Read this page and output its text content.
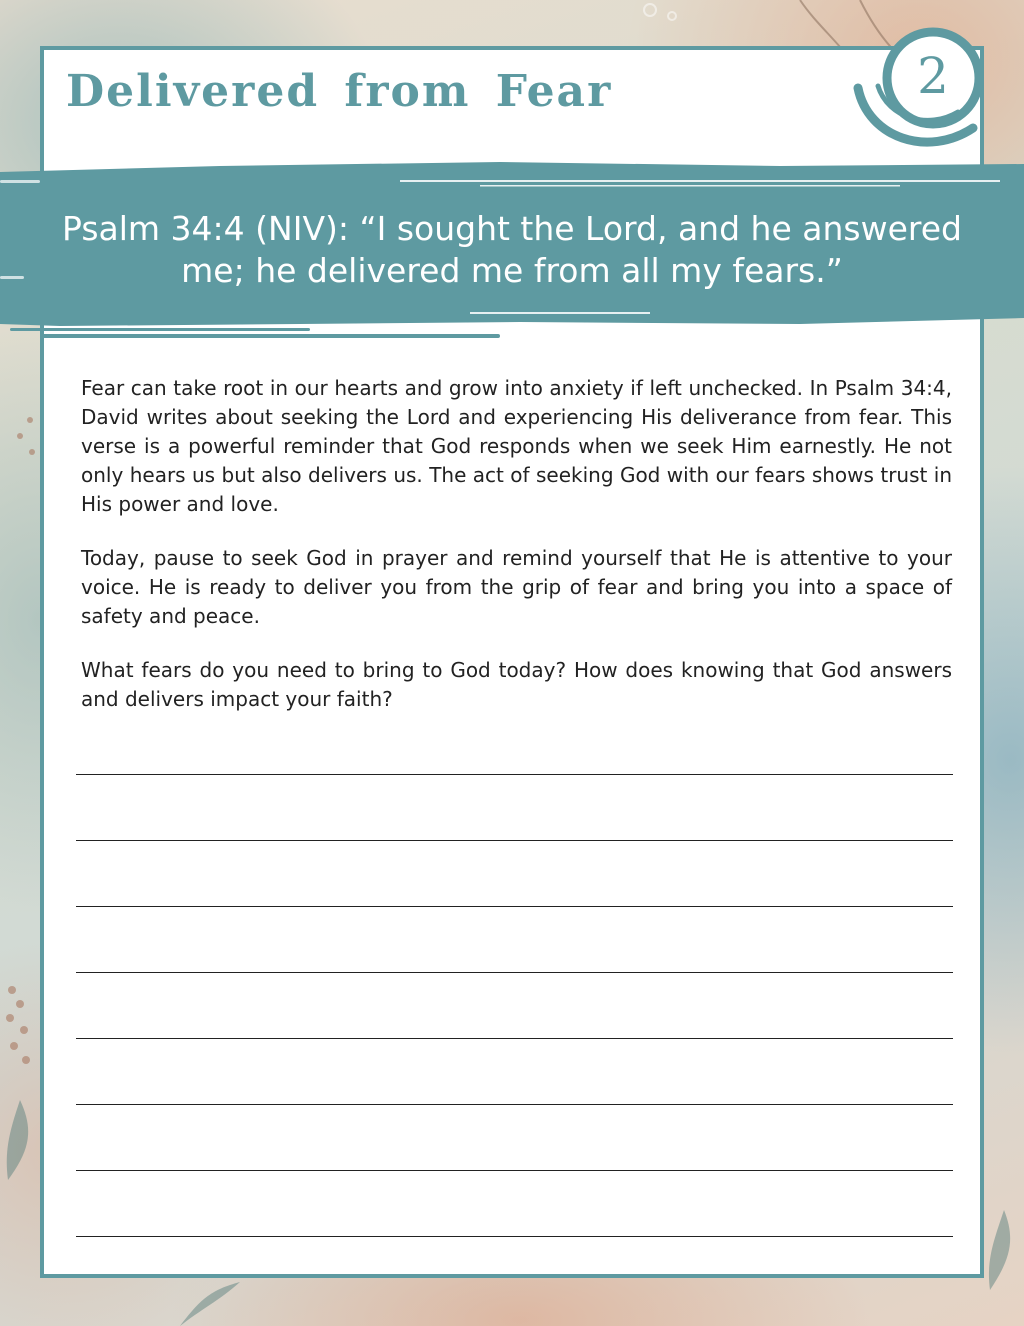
Delivered from Fear	2

Psalm 34:4 (NIV): “I sought the Lord, and he answered me; he delivered me from all my fears.”

Fear can take root in our hearts and grow into anxiety if left unchecked. In Psalm 34:4, David writes about seeking the Lord and experiencing His deliverance from fear. This verse is a powerful reminder that God responds when we seek Him earnestly. He not only hears us but also delivers us. The act of seeking God with our fears shows trust in His power and love.

Today, pause to seek God in prayer and remind yourself that He is attentive to your voice. He is ready to deliver you from the grip of fear and bring you into a space of safety and peace.

What fears do you need to bring to God today? How does knowing that God answers and delivers impact your faith?
